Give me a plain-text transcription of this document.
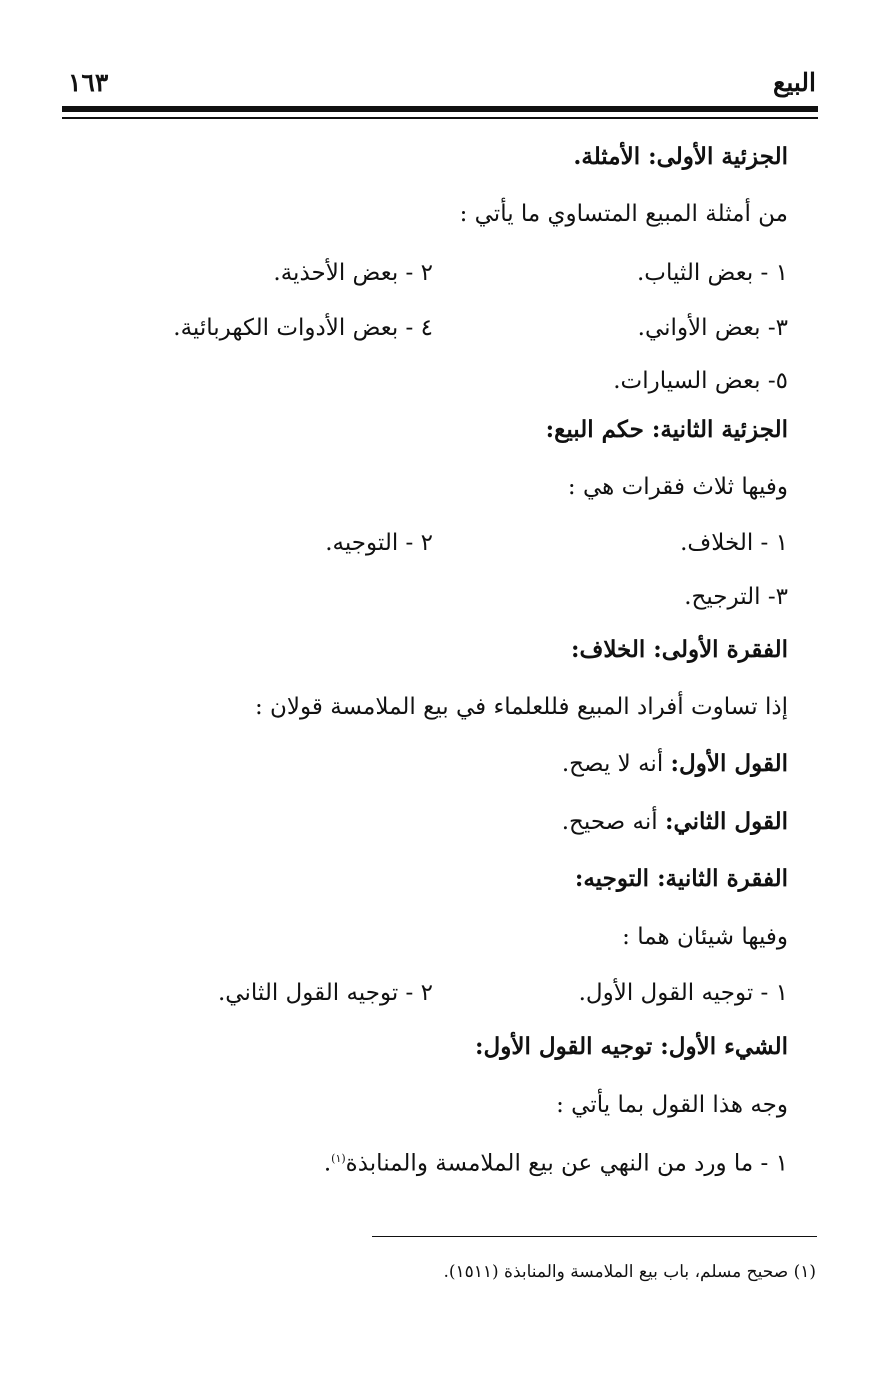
البيع
١٦٣
الجزئية الأولى: الأمثلة.
من أمثلة المبيع المتساوي ما يأتي :
١ - بعض الثياب.
٢ - بعض الأحذية.
٣- بعض الأواني.
٤ - بعض الأدوات الكهربائية.
٥- بعض السيارات.
الجزئية الثانية: حكم البيع:
وفيها ثلاث فقرات هي :
١ - الخلاف.
٢ - التوجيه.
٣- الترجيح.
الفقرة الأولى: الخلاف:
إذا تساوت أفراد المبيع فللعلماء في بيع الملامسة قولان :
القول الأول: أنه لا يصح.
القول الثاني: أنه صحيح.
الفقرة الثانية: التوجيه:
وفيها شيئان هما :
١ - توجيه القول الأول.
٢ - توجيه القول الثاني.
الشيء الأول: توجيه القول الأول:
وجه هذا القول بما يأتي :
١ - ما ورد من النهي عن بيع الملامسة والمنابذة$^{(١)}$.
(١) صحيح مسلم، باب بيع الملامسة والمنابذة (١٥١١).
